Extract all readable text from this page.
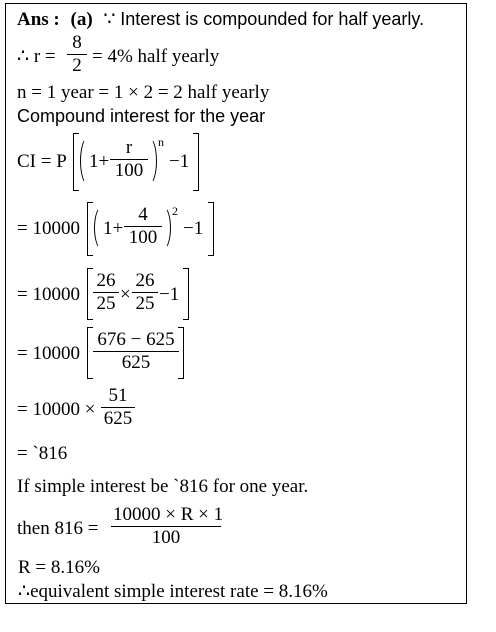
Ans : (a) ∵ Interest is compounded for half yearly.
∴ $r = \frac{8}{2} = 4\%$ half yearly
n = 1 year = 1 × 2 = 2 half yearly
Compound interest for the year
CI = P $1+ \frac{r}{100}$ n
−1
= 10000 $1+ \frac{4}{100} 2$
−1
= $10000 \frac{26}{25} \times \frac{26}{25} -1$
= $10000 \frac{676 - 625}{625}$
= $10000 \times \frac{51}{625}$
= `816
If simple interest be `816 for one year.
then $816 = \frac{10000 \times R \times 1}{100}$
R = 8.16%
∴equivalent simple interest rate = 8.16%
